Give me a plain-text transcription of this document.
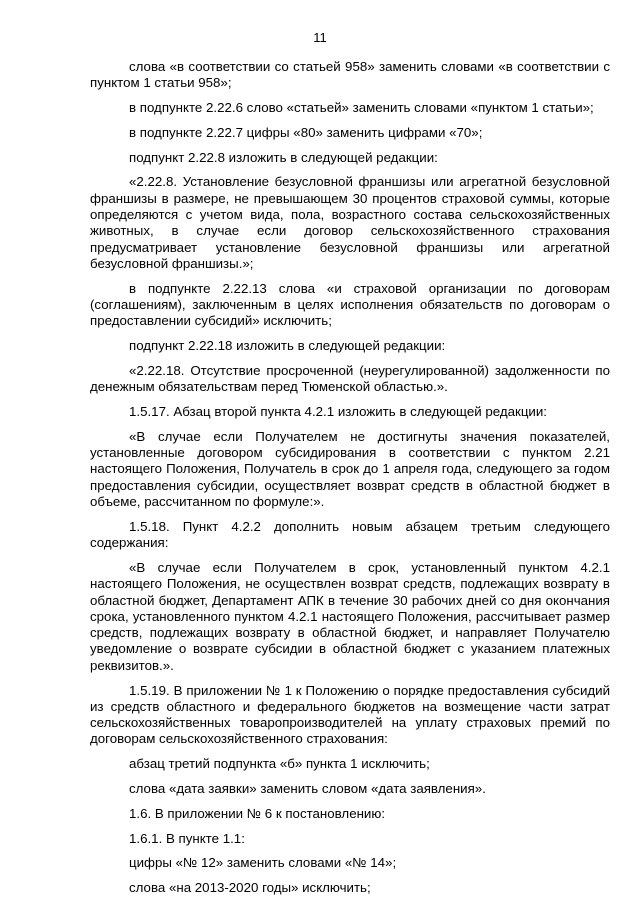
11

слова «в соответствии со статьей 958» заменить словами «в соответствии с пунктом 1 статьи 958»;

в подпункте 2.22.6 слово «статьей» заменить словами «пунктом 1 статьи»;

в подпункте 2.22.7 цифры «80» заменить цифрами «70»;

подпункт 2.22.8 изложить в следующей редакции:

«2.22.8. Установление безусловной франшизы или агрегатной безусловной франшизы в размере, не превышающем 30 процентов страховой суммы, которые определяются с учетом вида, пола, возрастного состава сельскохозяйственных животных, в случае если договор сельскохозяйственного страхования предусматривает установление безусловной франшизы или агрегатной безусловной франшизы.»;

в подпункте 2.22.13 слова «и страховой организации по договорам (соглашениям), заключенным в целях исполнения обязательств по договорам о предоставлении субсидий» исключить;

подпункт 2.22.18 изложить в следующей редакции:

«2.22.18. Отсутствие просроченной (неурегулированной) задолженности по денежным обязательствам перед Тюменской областью.».

1.5.17. Абзац второй пункта 4.2.1 изложить в следующей редакции:

«В случае если Получателем не достигнуты значения показателей, установленные договором субсидирования в соответствии с пунктом 2.21 настоящего Положения, Получатель в срок до 1 апреля года, следующего за годом предоставления субсидии, осуществляет возврат средств в областной бюджет в объеме, рассчитанном по формуле:».

1.5.18. Пункт 4.2.2 дополнить новым абзацем третьим следующего содержания:

«В случае если Получателем в срок, установленный пунктом 4.2.1 настоящего Положения, не осуществлен возврат средств, подлежащих возврату в областной бюджет, Департамент АПК в течение 30 рабочих дней со дня окончания срока, установленного пунктом 4.2.1 настоящего Положения, рассчитывает размер средств, подлежащих возврату в областной бюджет, и направляет Получателю уведомление о возврате субсидии в областной бюджет с указанием платежных реквизитов.».

1.5.19. В приложении № 1 к Положению о порядке предоставления субсидий из средств областного и федерального бюджетов на возмещение части затрат сельскохозяйственных товаропроизводителей на уплату страховых премий по договорам сельскохозяйственного страхования:

абзац третий подпункта «б» пункта 1 исключить;

слова «дата заявки» заменить словом «дата заявления».

1.6. В приложении № 6 к постановлению:

1.6.1. В пункте 1.1:

цифры «№ 12» заменить словами «№ 14»;

слова «на 2013-2020 годы» исключить;
